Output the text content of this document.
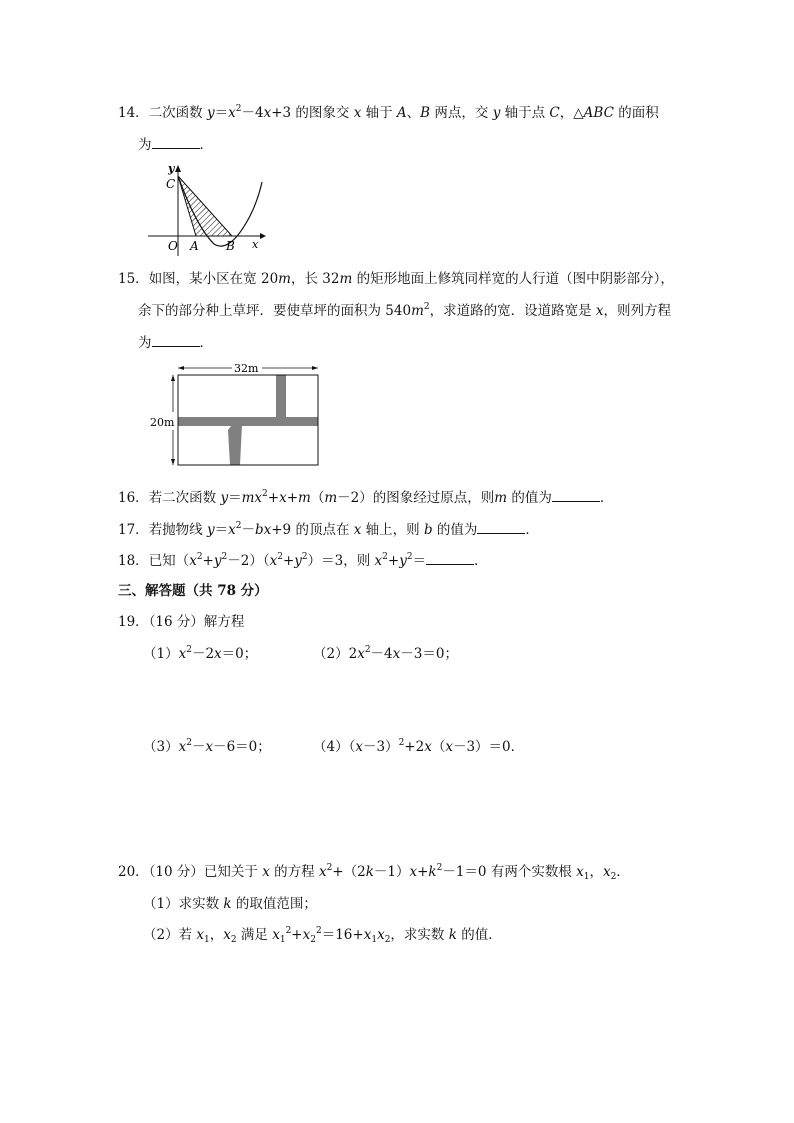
14．二次函数 $y=x^2-4x+3$ 的图象交 x 轴于 A、B 两点，交 y 轴于点 C，△ABC 的面积
为	．
y
x
C
O A B
15．如图，某小区在宽 20m，长 32m 的矩形地面上修筑同样宽的人行道（图中阴影部分），
余下的部分种上草坪．要使草坪的面积为 $540m^2$，求道路的宽．设道路宽是 x，则列方程
为	．
32m
20m
16．若二次函数 $y=mx^2+x+m(m-2)$的图象经过原点，则m 的值为	．
17．若抛物线 $y=x^2-bx+9$ 的顶点在 x 轴上，则 b 的值为	．
18．已知$(x^2+y^2-2)(x^2+y^2)=3$，则 $x^2+y^2=$	．
三、解答题（共 78 分）
19．（16 分）解方程
$(1)x^2-2x=0$；	$(2)2x^2-4x-3=0$；
$(3)x^2-x-6=0$；	$(4)(x-3)^2+2x(x-3)=0$．
20．（10 分）已知关于 x 的方程 $x^2+(2k-1)x+k^2-1=0$ 有两个实数根 $x_1$，$x_2$．
（1）求实数 k 的取值范围；
（2）若 $x_1$，$x_2$ 满足 $x_1^2+x_2^2=16+x_1x_2$，求实数 k 的值．
